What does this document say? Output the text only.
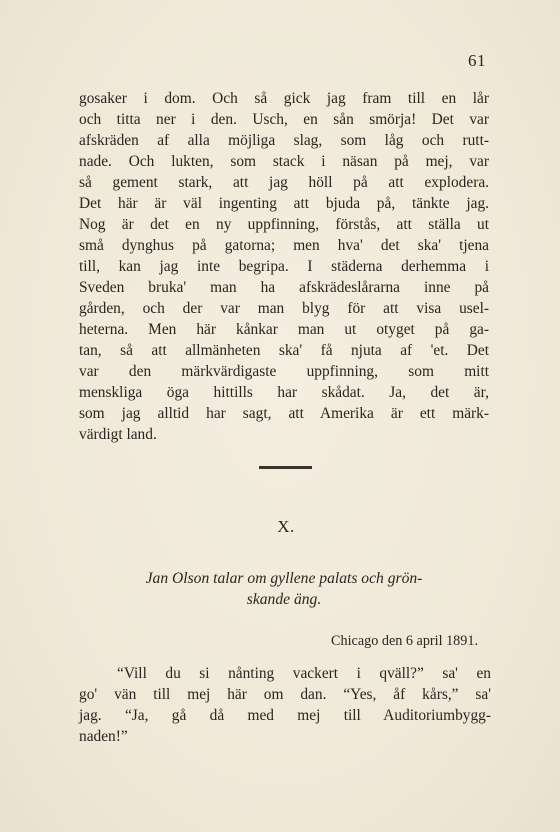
61
gosaker i dom. Och så gick jag fram till en lår
och titta ner i den. Usch, en sån smörja! Det var
afskräden af alla möjliga slag, som låg och rutt-
nade. Och lukten, som stack i näsan på mej, var
så gement stark, att jag höll på att explodera.
Det här är väl ingenting att bjuda på, tänkte jag.
Nog är det en ny uppfinning, förstås, att ställa ut
små dynghus på gatorna; men hva' det ska' tjena
till, kan jag inte begripa. I städerna derhemma i
Sveden bruka' man ha afskrädeslårarna inne på
gården, och der var man blyg för att visa usel-
heterna. Men här kånkar man ut otyget på ga-
tan, så att allmänheten ska' få njuta af 'et. Det
var den märkvärdigaste uppfinning, som mitt
menskliga öga hittills har skådat. Ja, det är,
som jag alltid har sagt, att Amerika är ett märk-
värdigt land.
X.
Jan Olson talar om gyllene palats och grön-
skande äng.
Chicago den 6 april 1891.
“Vill du si nånting vackert i qväll?” sa' en
go' vän till mej här om dan. “Yes, åf kårs,” sa'
jag. “Ja, gå då med mej till Auditoriumbygg-
naden!”
